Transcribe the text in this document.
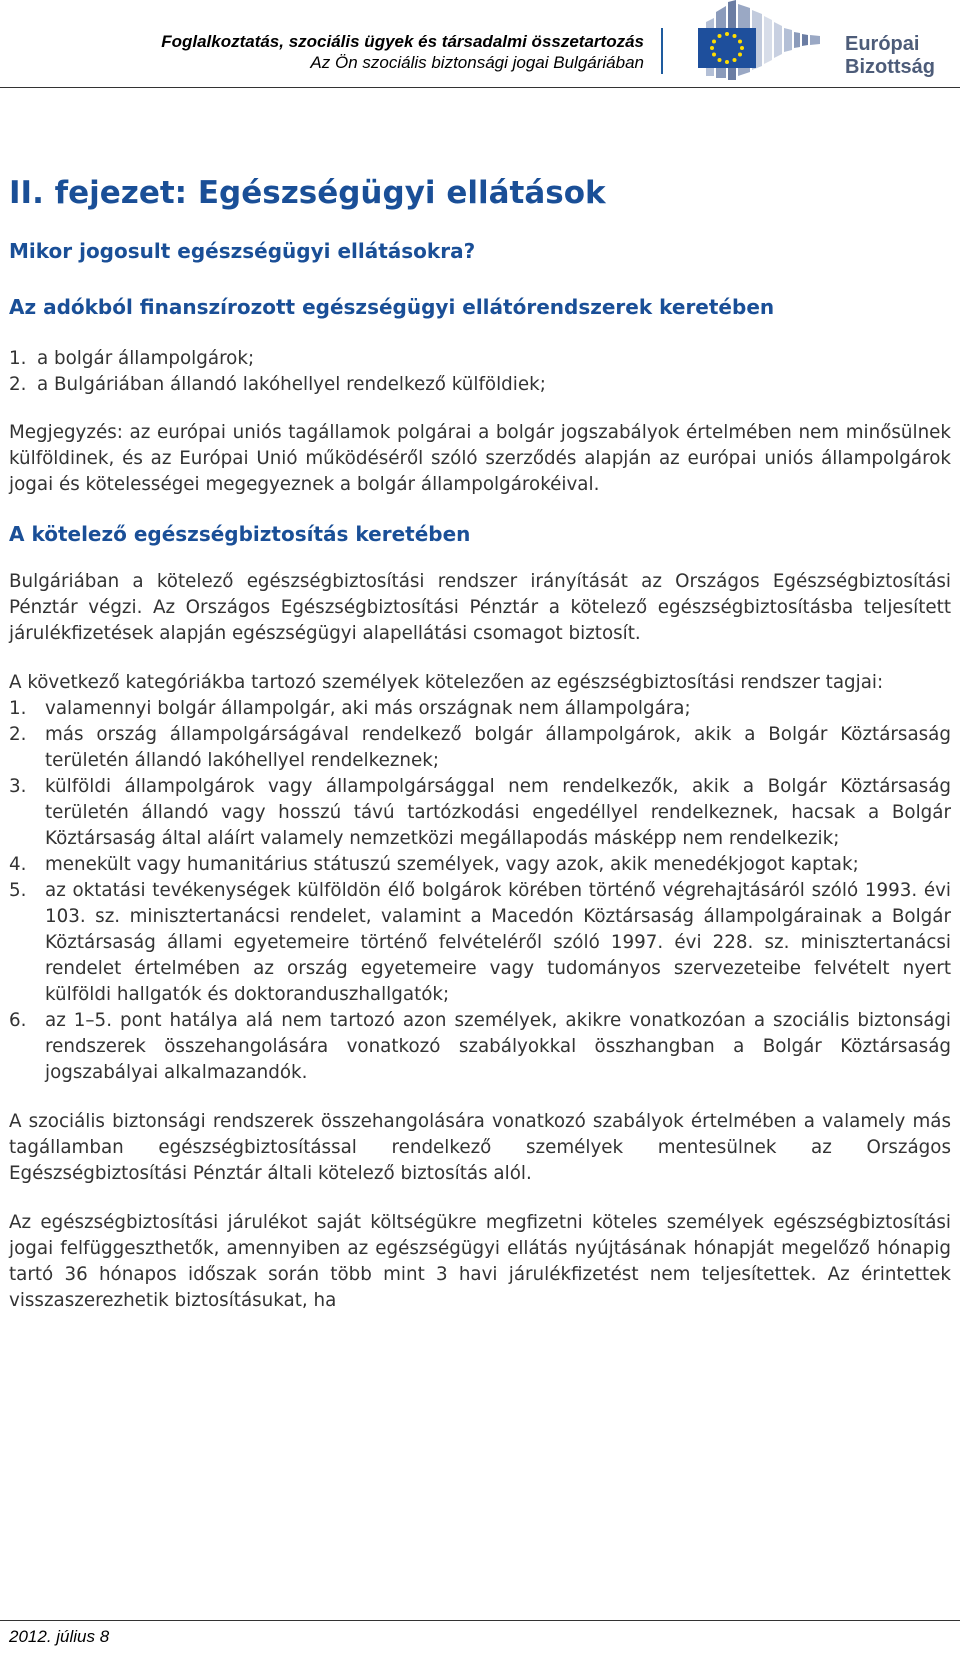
Foglalkoztatás, szociális ügyek és társadalmi összetartozás
Az Ön szociális biztonsági jogai Bulgáriában
Európai
Bizottság
II. fejezet: Egészségügyi ellátások
Mikor jogosult egészségügyi ellátásokra?
Az adókból finanszírozott egészségügyi ellátórendszerek keretében
1. a bolgár állampolgárok;
2. a Bulgáriában állandó lakóhellyel rendelkező külföldiek;
Megjegyzés: az európai uniós tagállamok polgárai a bolgár jogszabályok értelmében nem minősülnek külföldinek, és az Európai Unió működéséről szóló szerződés alapján az európai uniós állampolgárok jogai és kötelességei megegyeznek a bolgár állampolgárokéival.
A kötelező egészségbiztosítás keretében
Bulgáriában a kötelező egészségbiztosítási rendszer irányítását az Országos Egészségbiztosítási Pénztár végzi. Az Országos Egészségbiztosítási Pénztár a kötelező egészségbiztosításba teljesített járulékfizetések alapján egészségügyi alapellátási csomagot biztosít.
A következő kategóriákba tartozó személyek kötelezően az egészségbiztosítási rendszer tagjai:
1.	valamennyi bolgár állampolgár, aki más országnak nem állampolgára;
2.	más ország állampolgárságával rendelkező bolgár állampolgárok, akik a Bolgár Köztársaság területén állandó lakóhellyel rendelkeznek;
3.	külföldi állampolgárok vagy állampolgársággal nem rendelkezők, akik a Bolgár Köztársaság területén állandó vagy hosszú távú tartózkodási engedéllyel rendelkeznek, hacsak a Bolgár Köztársaság által aláírt valamely nemzetközi megállapodás másképp nem rendelkezik;
4.	menekült vagy humanitárius státuszú személyek, vagy azok, akik menedékjogot kaptak;
5.	az oktatási tevékenységek külföldön élő bolgárok körében történő végrehajtásáról szóló 1993. évi 103. sz. minisztertanácsi rendelet, valamint a Macedón Köztársaság állampolgárainak a Bolgár Köztársaság állami egyetemeire történő felvételéről szóló 1997. évi 228. sz. minisztertanácsi rendelet értelmében az ország egyetemeire vagy tudományos szervezeteibe felvételt nyert külföldi hallgatók és doktoranduszhallgatók;
6.	az 1–5. pont hatálya alá nem tartozó azon személyek, akikre vonatkozóan a szociális biztonsági rendszerek összehangolására vonatkozó szabályokkal összhangban a Bolgár Köztársaság jogszabályai alkalmazandók.
A szociális biztonsági rendszerek összehangolására vonatkozó szabályok értelmében a valamely más tagállamban egészségbiztosítással rendelkező személyek mentesülnek az Országos Egészségbiztosítási Pénztár általi kötelező biztosítás alól.
Az egészségbiztosítási járulékot saját költségükre megfizetni köteles személyek egészségbiztosítási jogai felfüggeszthetők, amennyiben az egészségügyi ellátás nyújtásának hónapját megelőző hónapig tartó 36 hónapos időszak során több mint 3 havi járulékfizetést nem teljesítettek. Az érintettek visszaszerezhetik biztosításukat, ha
2012. július 8
